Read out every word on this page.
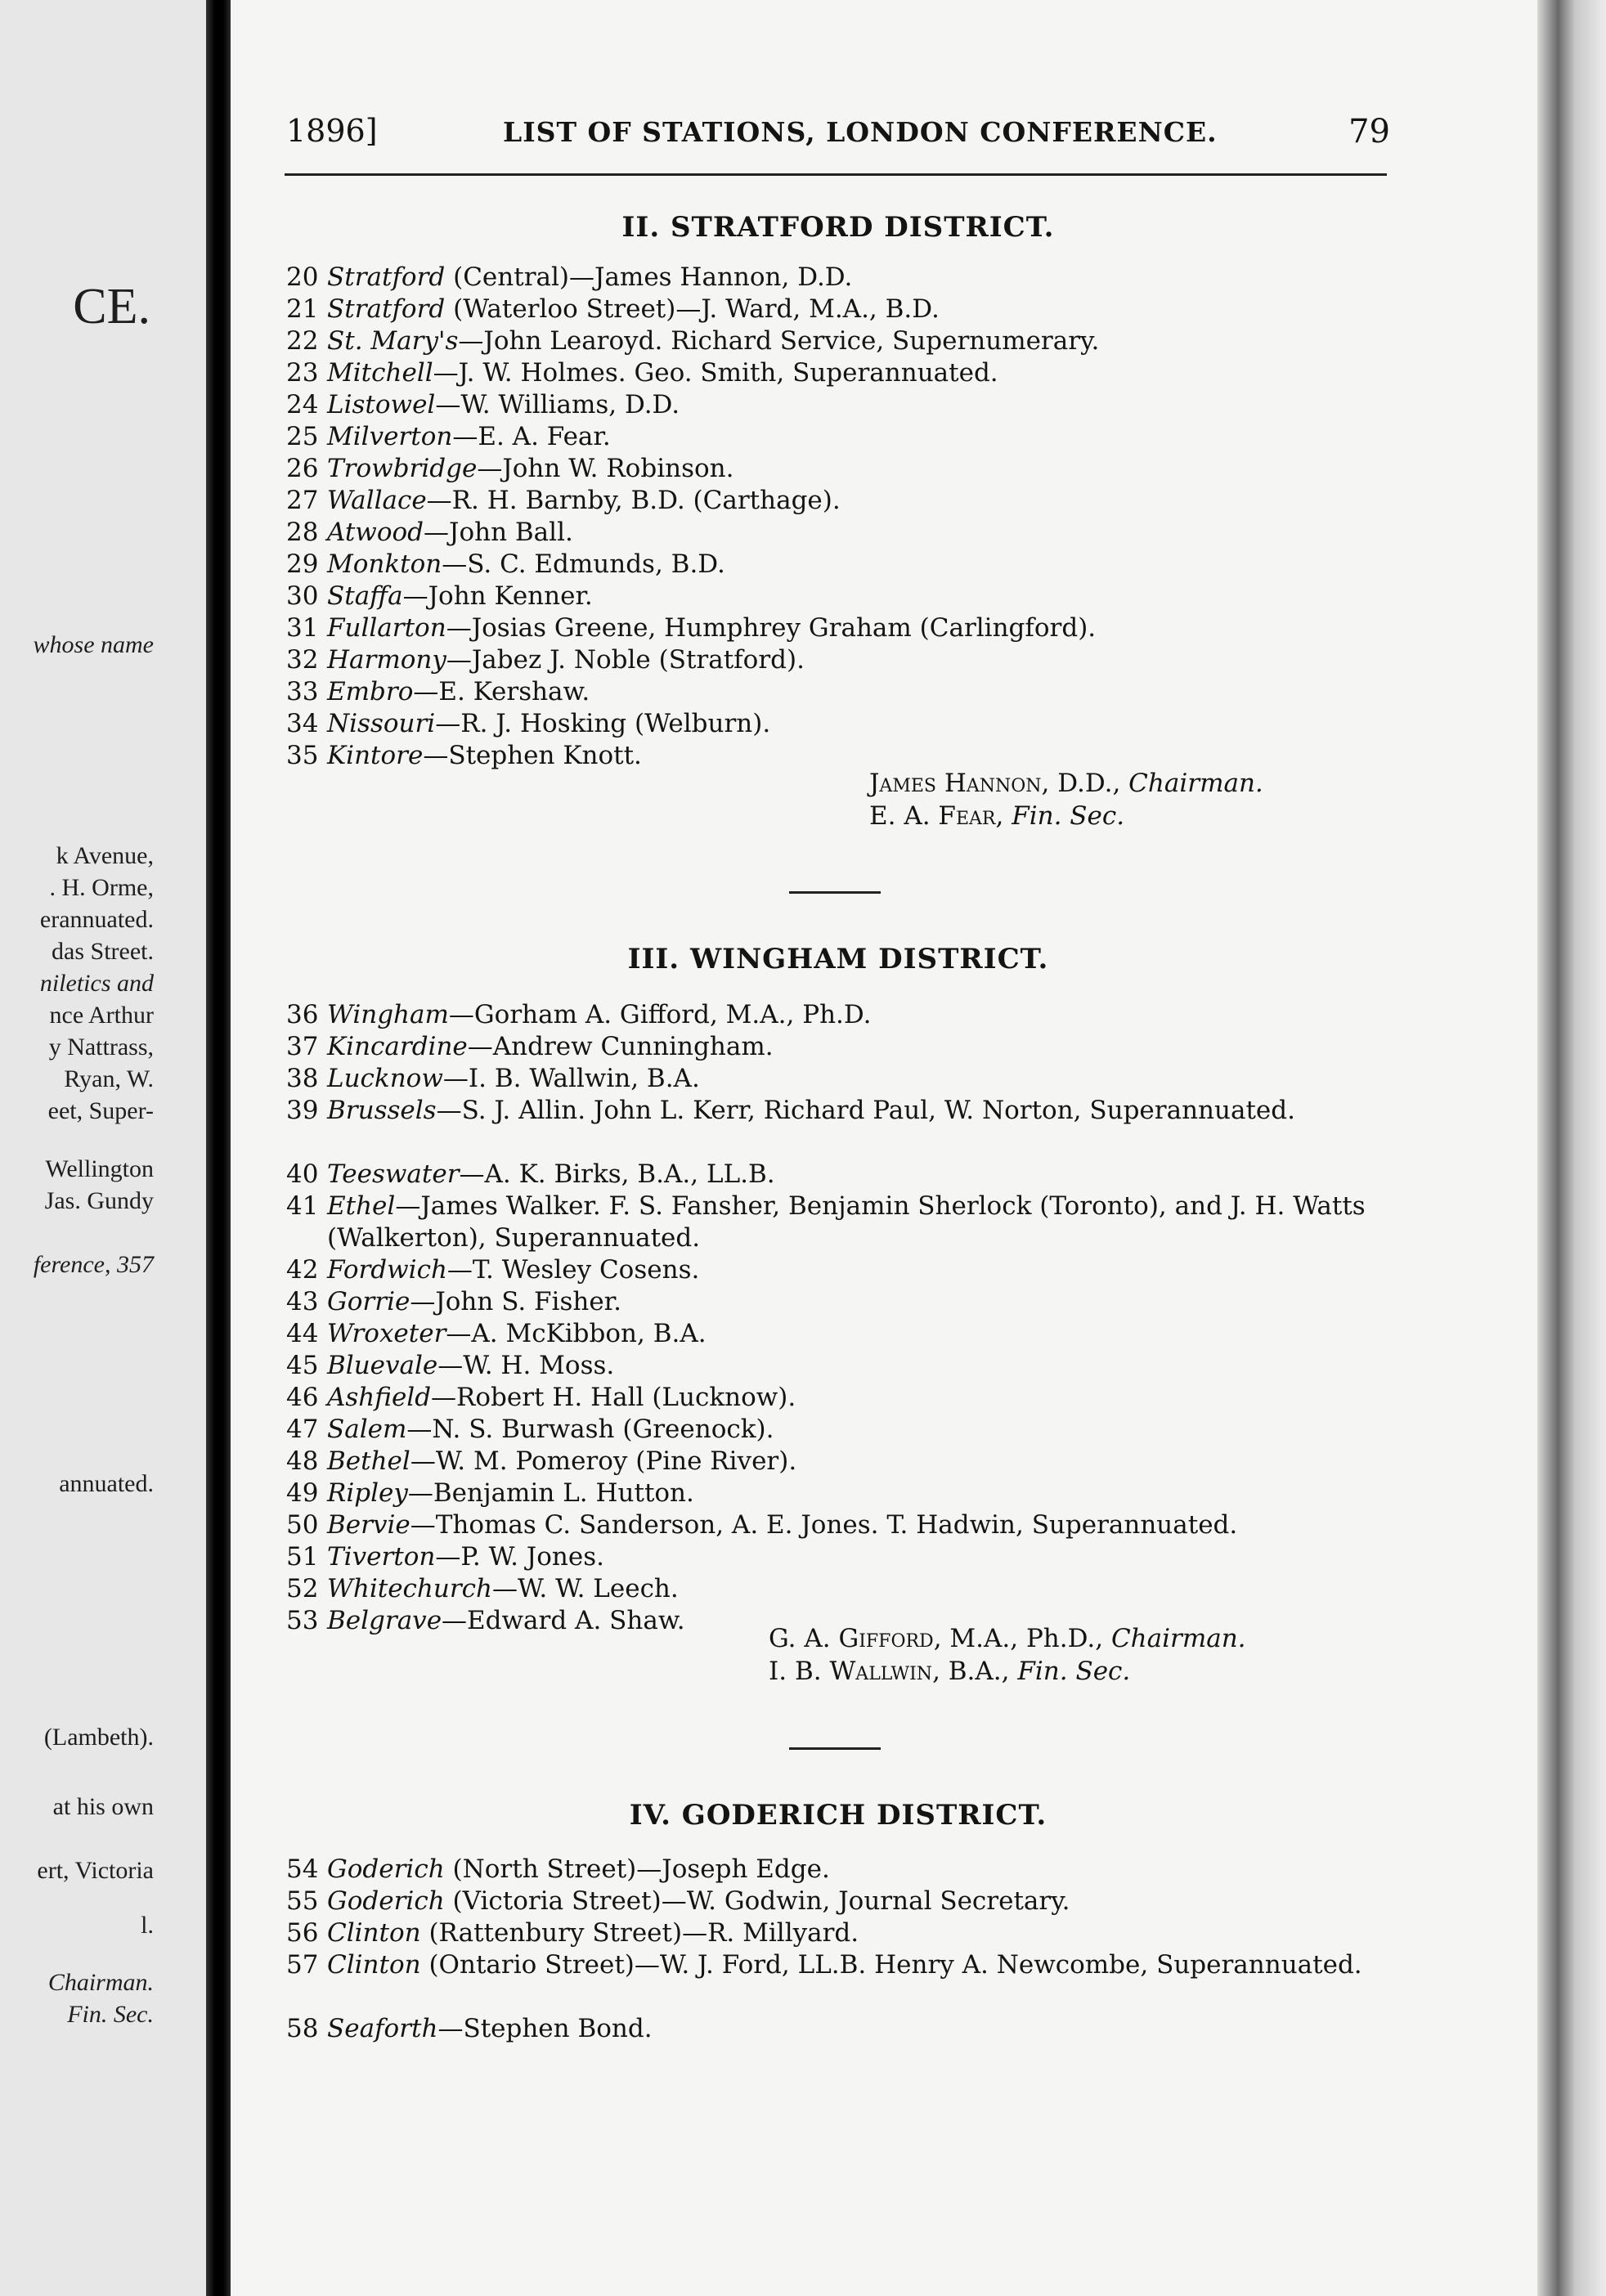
CE.
whose name
k Avenue,
. H. Orme,
erannuated.
das Street.
niletics and
nce Arthur
y Nattrass,
Ryan, W.
eet, Super-
Wellington
Jas. Gundy
ference, 357
annuated.
(Lambeth).
at his own
ert, Victoria
l.
Chairman.
Fin. Sec.
1896]	LIST OF STATIONS, LONDON CONFERENCE.	79
II. STRATFORD DISTRICT.
20 Stratford (Central)—James Hannon, D.D.
21 Stratford (Waterloo Street)—J. Ward, M.A., B.D.
22 St. Mary's—John Learoyd. Richard Service, Supernumerary.
23 Mitchell—J. W. Holmes. Geo. Smith, Superannuated.
24 Listowel—W. Williams, D.D.
25 Milverton—E. A. Fear.
26 Trowbridge—John W. Robinson.
27 Wallace—R. H. Barnby, B.D. (Carthage).
28 Atwood—John Ball.
29 Monkton—S. C. Edmunds, B.D.
30 Staffa—John Kenner.
31 Fullarton—Josias Greene, Humphrey Graham (Carlingford).
32 Harmony—Jabez J. Noble (Stratford).
33 Embro—E. Kershaw.
34 Nissouri—R. J. Hosking (Welburn).
35 Kintore—Stephen Knott.
James Hannon, D.D., Chairman.
E. A. Fear, Fin. Sec.
III. WINGHAM DISTRICT.
36 Wingham—Gorham A. Gifford, M.A., Ph.D.
37 Kincardine—Andrew Cunningham.
38 Lucknow—I. B. Wallwin, B.A.
39 Brussels—S. J. Allin. John L. Kerr, Richard Paul, W. Norton, Superannuated.
40 Teeswater—A. K. Birks, B.A., LL.B.
41 Ethel—James Walker. F. S. Fansher, Benjamin Sherlock (Toronto), and J. H. Watts (Walkerton), Superannuated.
42 Fordwich—T. Wesley Cosens.
43 Gorrie—John S. Fisher.
44 Wroxeter—A. McKibbon, B.A.
45 Bluevale—W. H. Moss.
46 Ashfield—Robert H. Hall (Lucknow).
47 Salem—N. S. Burwash (Greenock).
48 Bethel—W. M. Pomeroy (Pine River).
49 Ripley—Benjamin L. Hutton.
50 Bervie—Thomas C. Sanderson, A. E. Jones. T. Hadwin, Superannuated.
51 Tiverton—P. W. Jones.
52 Whitechurch—W. W. Leech.
53 Belgrave—Edward A. Shaw.
G. A. Gifford, M.A., Ph.D., Chairman.
I. B. Wallwin, B.A., Fin. Sec.
IV. GODERICH DISTRICT.
54 Goderich (North Street)—Joseph Edge.
55 Goderich (Victoria Street)—W. Godwin, Journal Secretary.
56 Clinton (Rattenbury Street)—R. Millyard.
57 Clinton (Ontario Street)—W. J. Ford, LL.B. Henry A. Newcombe, Superannuated.
58 Seaforth—Stephen Bond.
